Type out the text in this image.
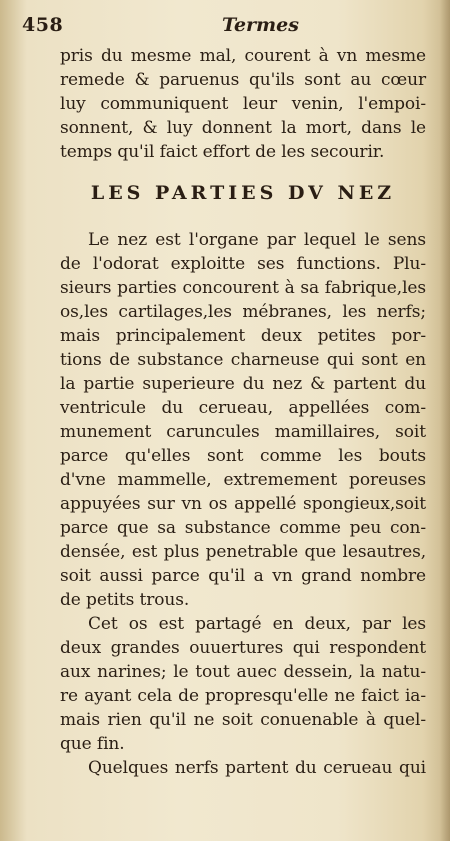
458	Termes
pris du mesme mal, courent à vn mesme
remede & paruenus qu'ils sont au cœur
luy communiquent leur venin, l'empoi-
sonnent, & luy donnent la mort, dans le
temps qu'il faict effort de les secourir.
LES PARTIES DV NEZ
Le nez est l'organe par lequel le sens
de l'odorat exploitte ses functions. Plu-
sieurs parties concourent à sa fabrique,les
os,les cartilages,les mébranes, les nerfs;
mais principalement deux petites por-
tions de substance charneuse qui sont en
la partie superieure du nez & partent du
ventricule du cerueau, appellées com-
munement caruncules mamillaires, soit
parce qu'elles sont comme les bouts
d'vne mammelle, extremement poreuses
appuyées sur vn os appellé spongieux,soit
parce que sa substance comme peu con-
densée, est plus penetrable que lesautres,
soit aussi parce qu'il a vn grand nombre
de petits trous.
Cet os est partagé en deux, par les
deux grandes ouuertures qui respondent
aux narines; le tout auec dessein, la natu-
re ayant cela de propresqu'elle ne faict ia-
mais rien qu'il ne soit conuenable à quel-
que fin.
Quelques nerfs partent du cerueau qui
